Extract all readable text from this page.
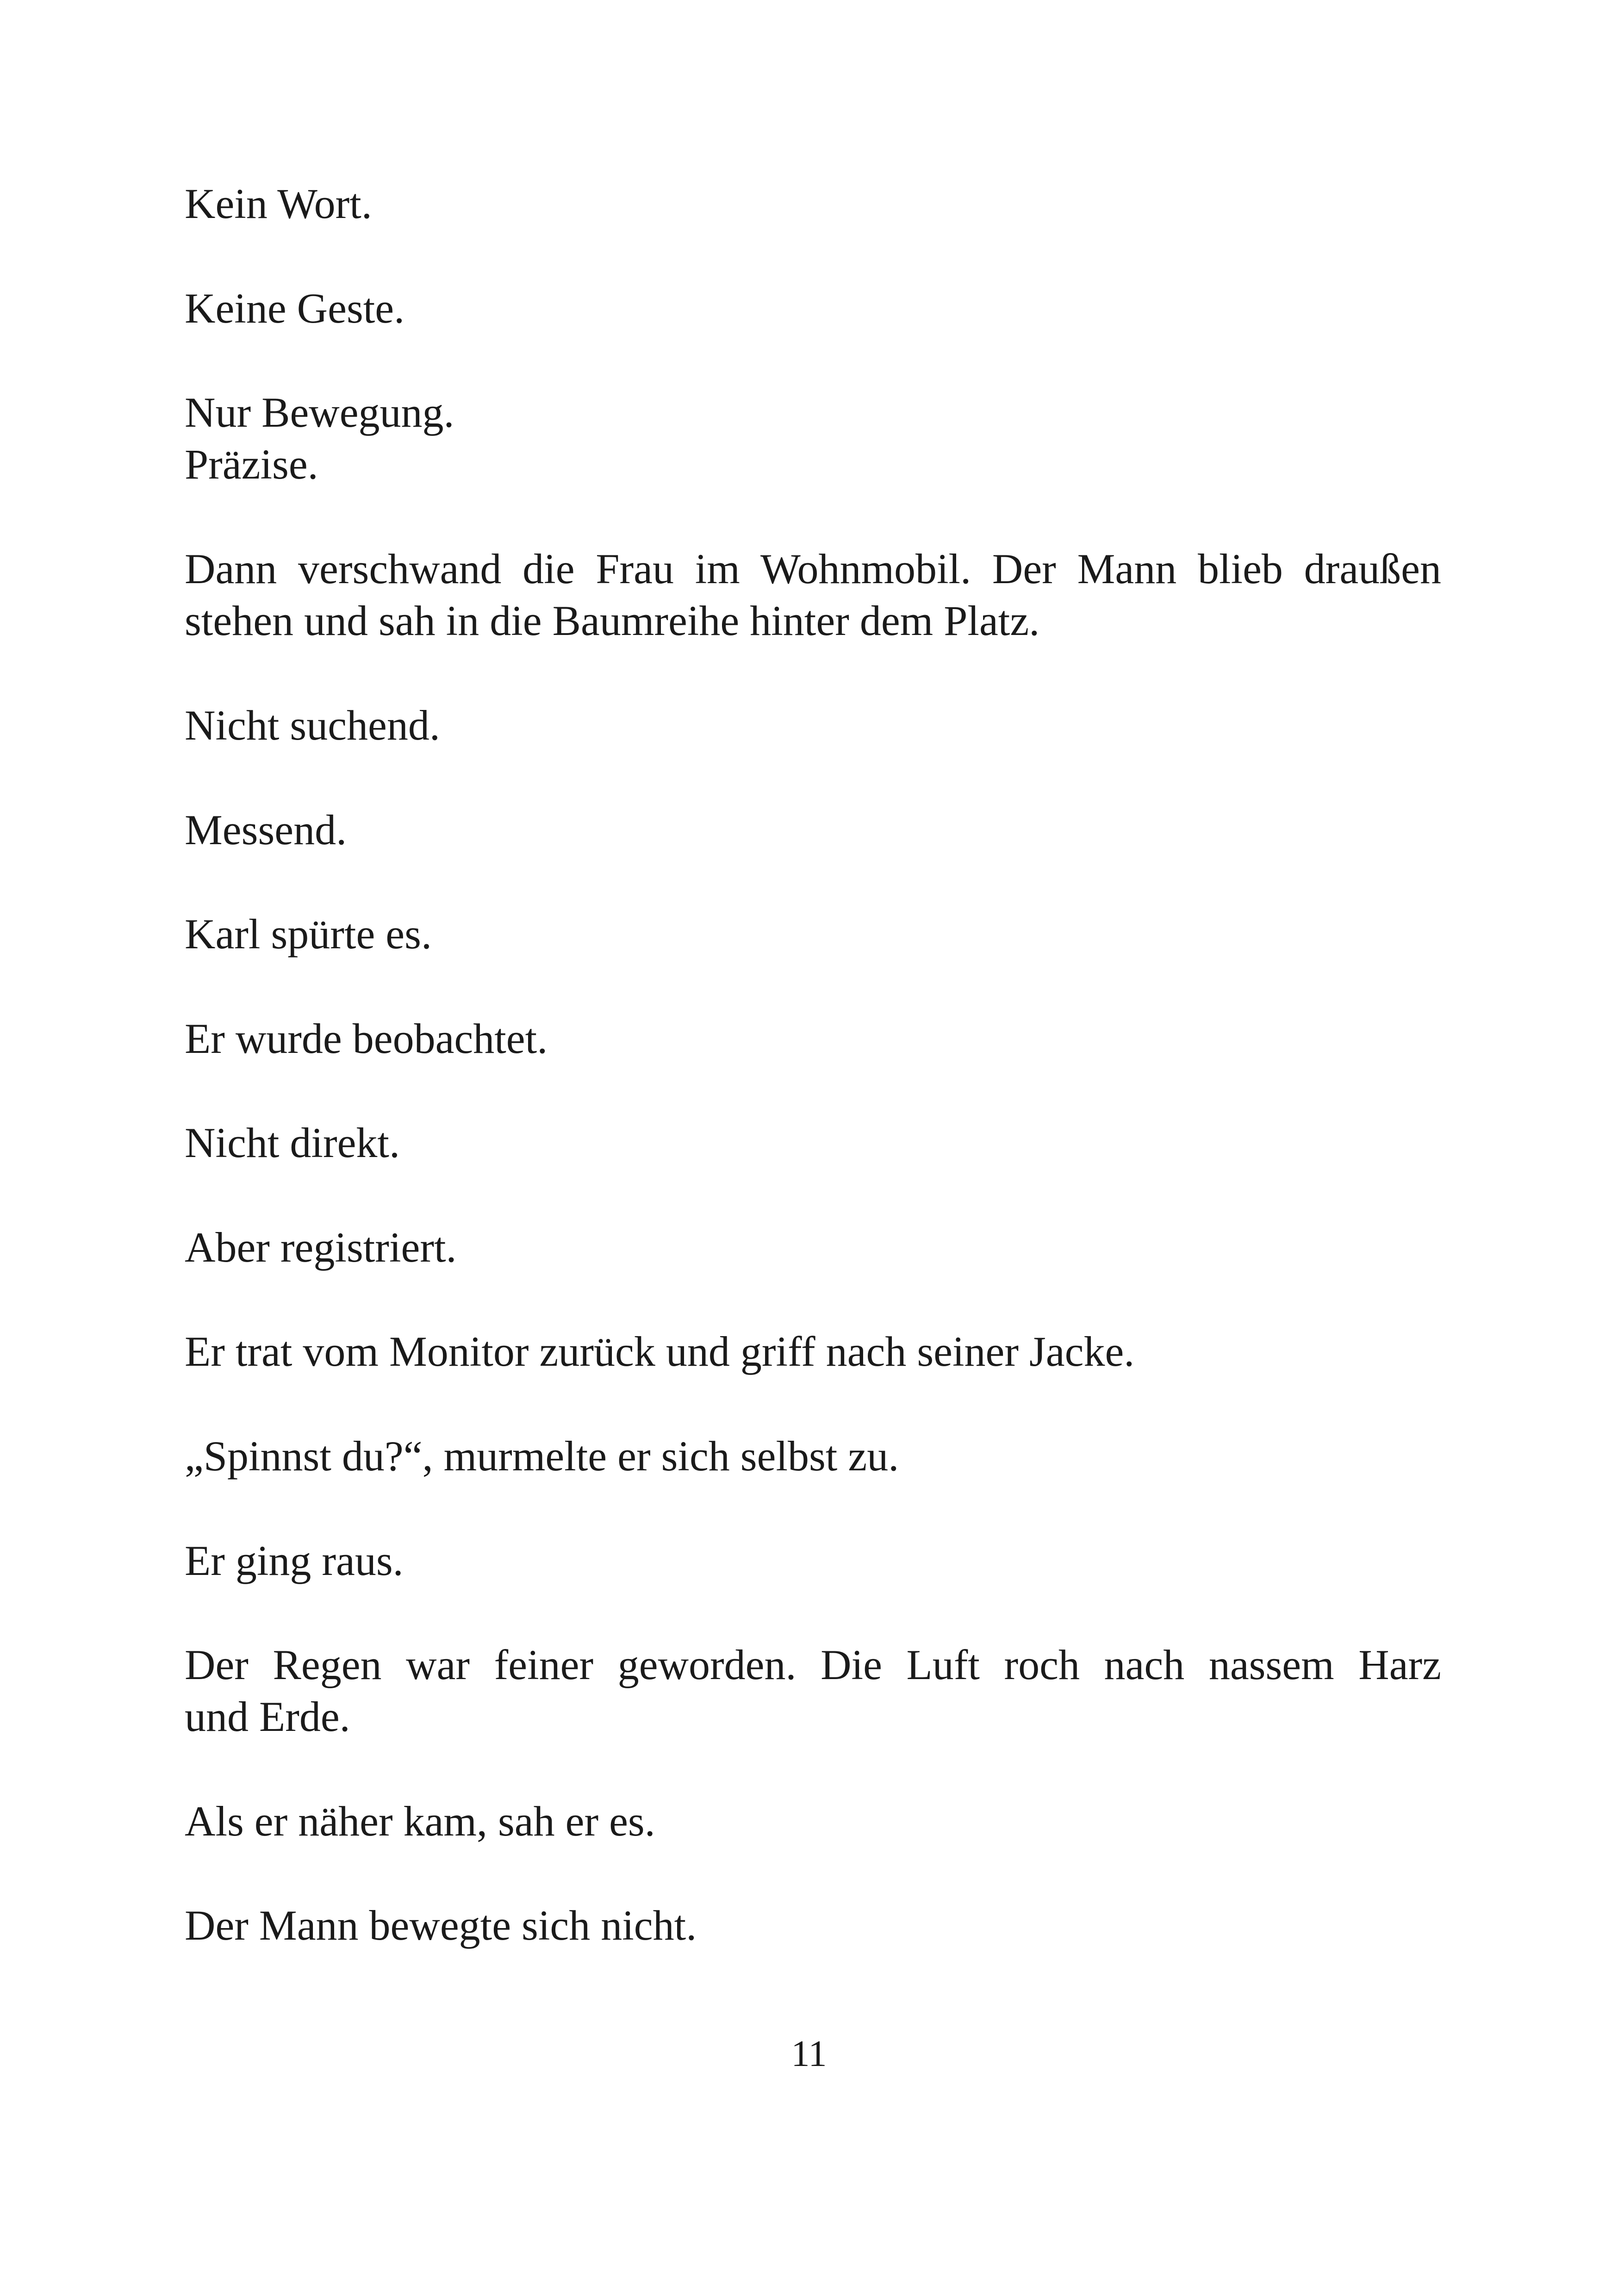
Kein Wort.

Keine Geste.

Nur Bewegung.

Präzise.

Dann verschwand die Frau im Wohnmobil. Der Mann blieb draußen

stehen und sah in die Baumreihe hinter dem Platz.

Nicht suchend.

Messend.

Karl spürte es.

Er wurde beobachtet.

Nicht direkt.

Aber registriert.

Er trat vom Monitor zurück und griff nach seiner Jacke.

„Spinnst du?“, murmelte er sich selbst zu.

Er ging raus.

Der Regen war feiner geworden. Die Luft roch nach nassem Harz

und Erde.

Als er näher kam, sah er es.

Der Mann bewegte sich nicht.

11
